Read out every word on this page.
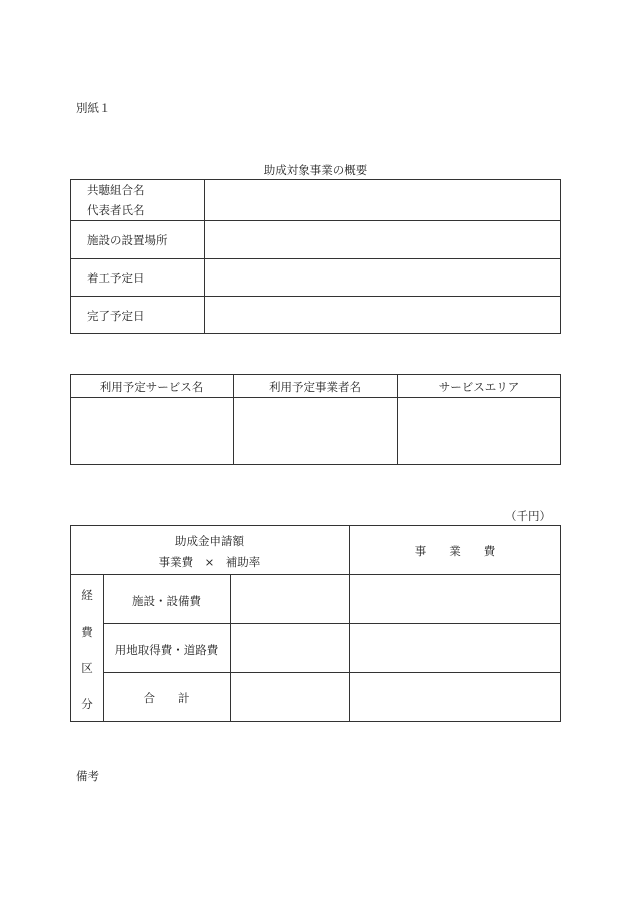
別紙１
助成対象事業の概要
共聴組合名
代表者氏名
施設の設置場所
着工予定日
完了予定日
利用予定サービス名	利用予定事業者名	サービスエリア
（千円）
助成金申請額
事業費　×　補助率
事　　業　　費
経
費
区
分
施設・設備費
用地取得費・道路費
合　　計
備考
